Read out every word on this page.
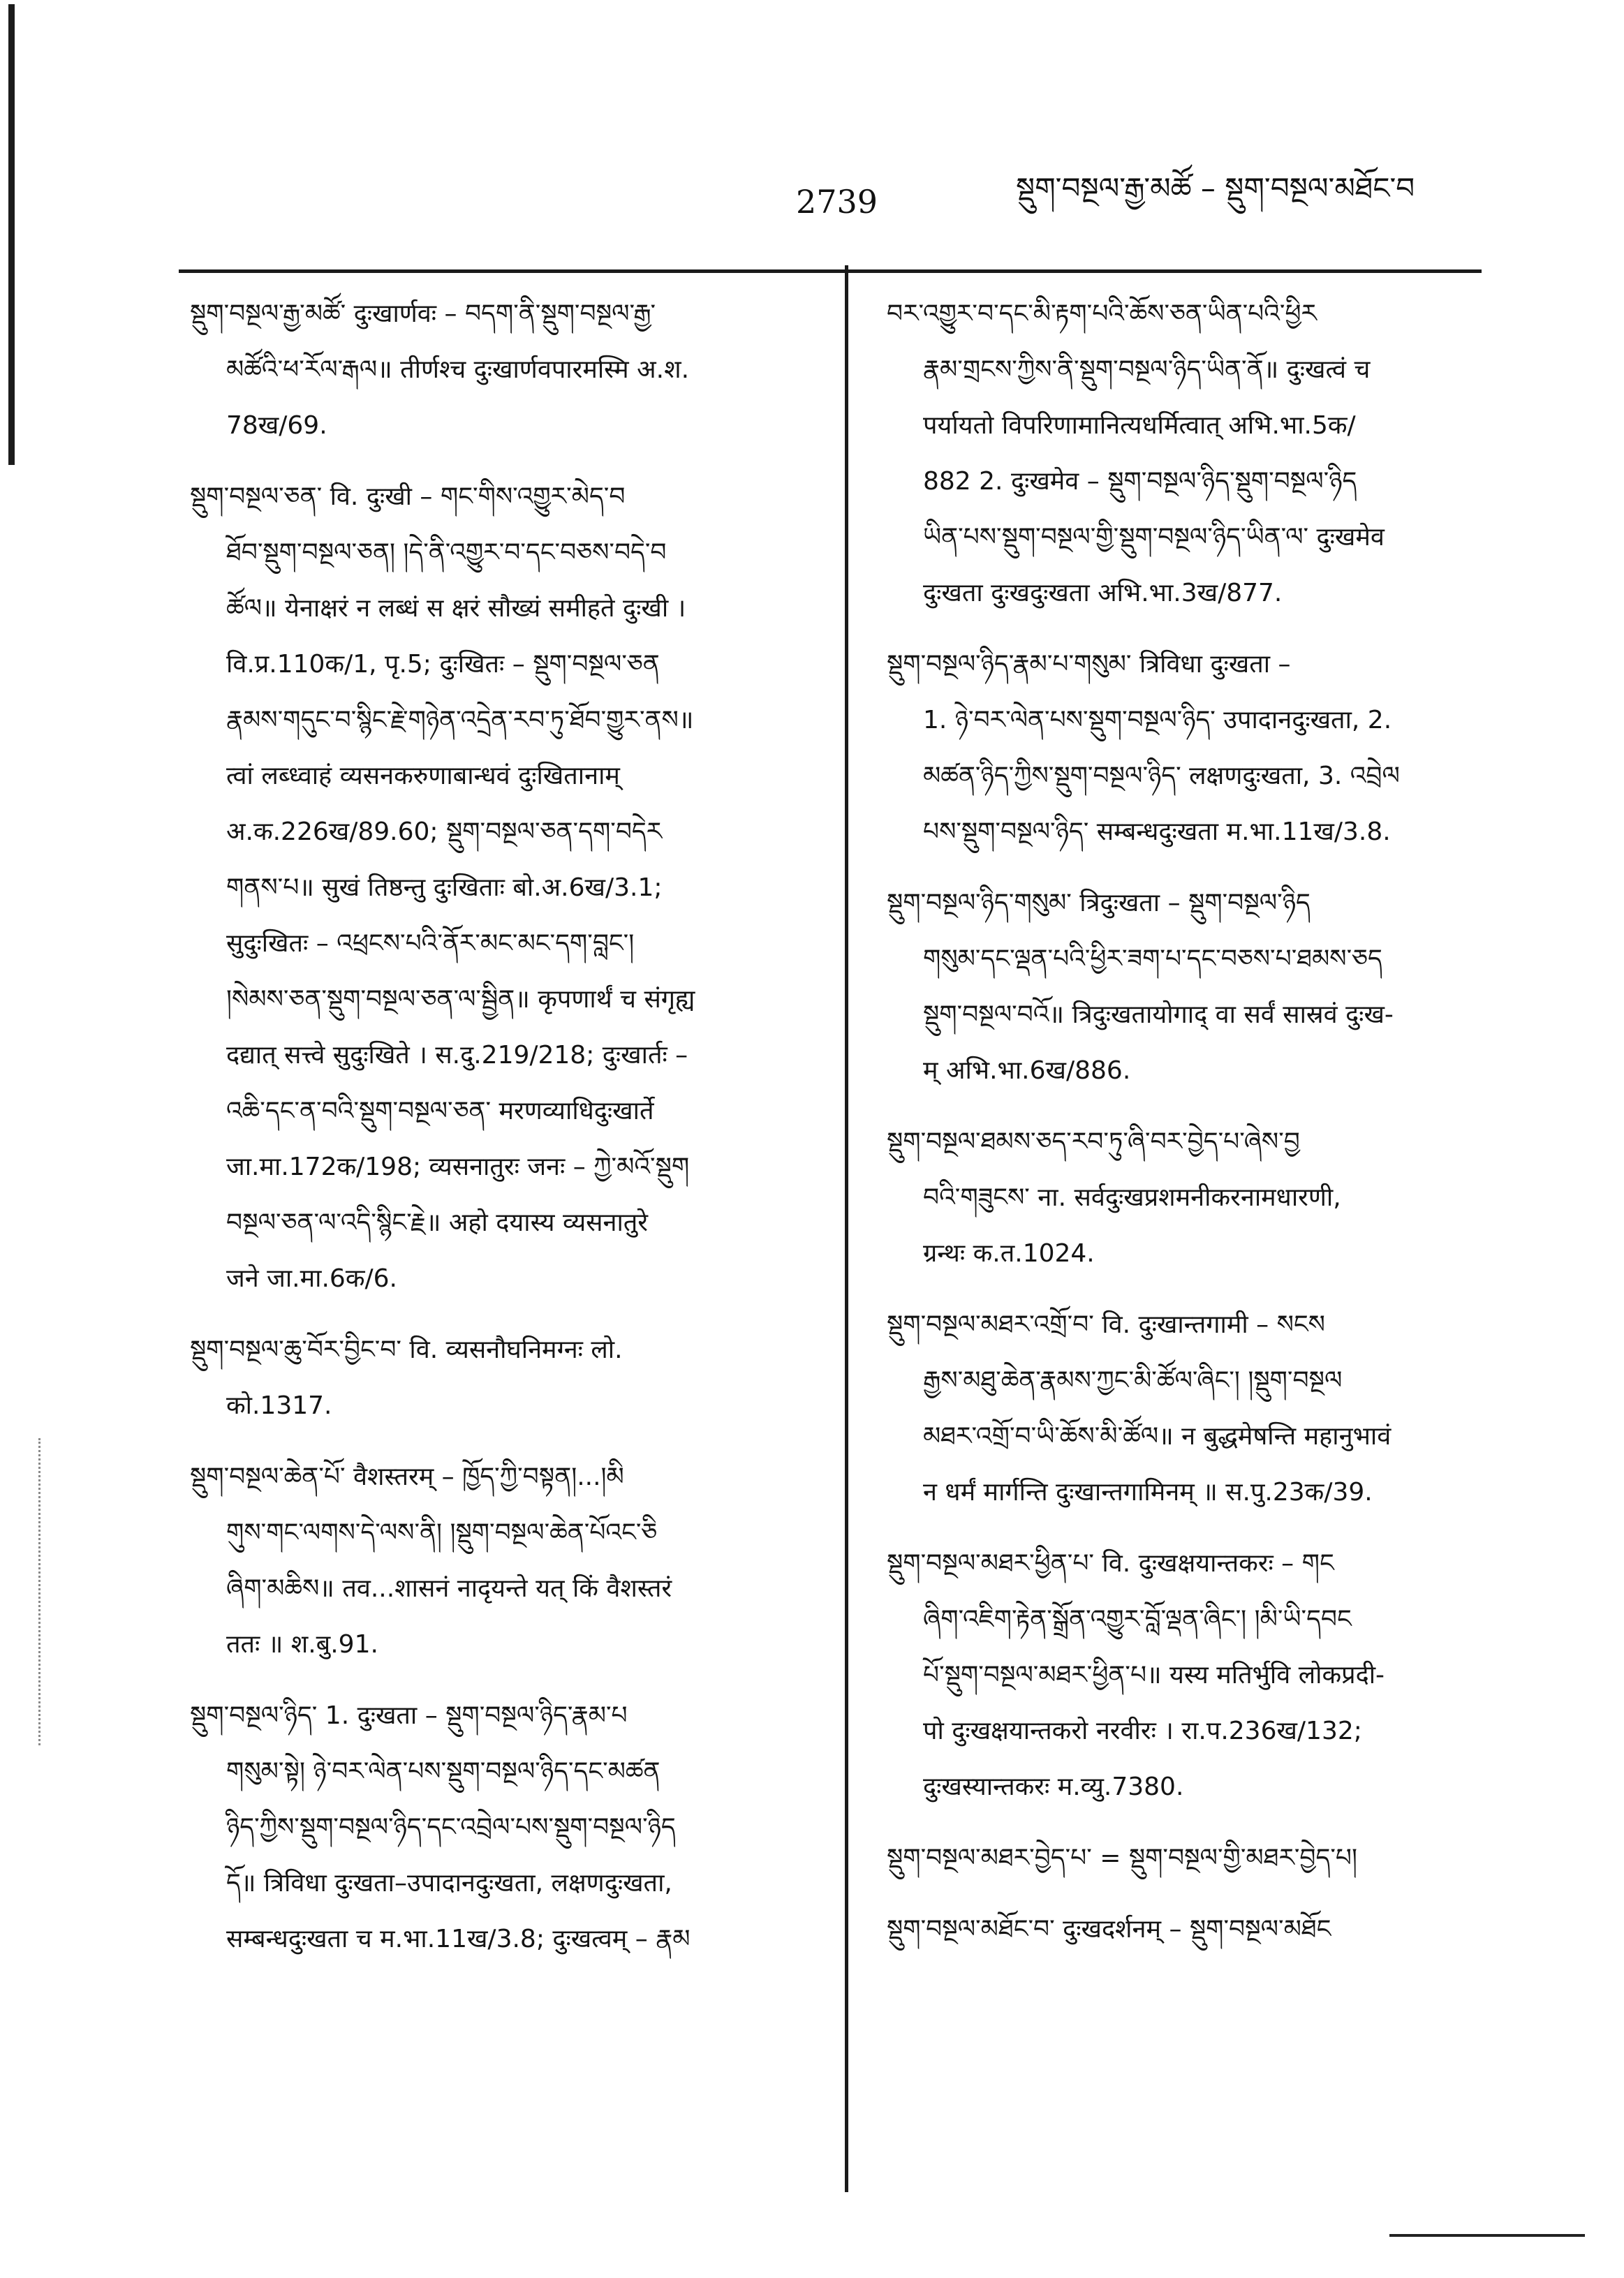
2739	སྡུག་བསྔལ་རྒྱ་མཚོ – སྡུག་བསྔལ་མཐོང་བ
སྡུག་བསྔལ་རྒྱ་མཚོ་ दुःखार्णवः – བདག་ནི་སྡུག་བསྔལ་རྒྱ་
མཚོའི་ཕ་རོལ་རྒལ॥ तीर्णश्च दुःखार्णवपारमस्मि अ.श.
78ख/69.
སྡུག་བསྔལ་ཅན་ वि. दुःखी – གང་གིས་འགྱུར་མེད་བ
ཐོབ་སྡུག་བསྔལ་ཅན། །དེ་ནི་འགྱུར་བ་དང་བཅས་བདེ་བ
ཚོལ॥ येनाक्षरं न लब्धं स क्षरं सौख्यं समीहते दुःखी ।
वि.प्र.110क/1, पृ.5; दुःखितः – སྡུག་བསྔལ་ཅན
རྣམས་གདུང་བ་སྙིང་རྗེ་གཉེན་འདྲེན་རབ་ཏུ་ཐོབ་གྱུར་ནས॥
त्वां लब्ध्वाहं व्यसनकरुणाबान्धवं दुःखितानाम्
अ.क.226ख/89.60; སྡུག་བསྔལ་ཅན་དག་བདེར
གནས་པ॥ सुखं तिष्ठन्तु दुःखिताः बो.अ.6ख/3.1;
सुदुःखितः – འཕྲངས་པའི་ནོར་མང་མང་དག་བླང་།
།སེམས་ཅན་སྡུག་བསྔལ་ཅན་ལ་སྦྱིན॥ कृपणार्थं च संगृह्य
दद्यात् सत्त्वे सुदुःखिते । स.दु.219/218; दुःखार्तः –
འཆི་དང་ན་བའི་སྡུག་བསྔལ་ཅན་ मरणव्याधिदुःखार्ते
जा.मा.172क/198; व्यसनातुरः जनः – ཀྱེ་མའོ་སྡུག
བསྔལ་ཅན་ལ་འདི་སྙིང་རྗེ॥ अहो दयास्य व्यसनातुरे
जने जा.मा.6क/6.
སྡུག་བསྔལ་ཆུ་བོར་བྱིང་བ་ वि. व्यसनौघनिमग्नः लो.
को.1317.
སྡུག་བསྔལ་ཆེན་པོ་ वैशस्तरम् – ཁྱོད་ཀྱི་བསྟན།...།མི
གུས་གང་ལགས་དེ་ལས་ནི། །སྡུག་བསྔལ་ཆེན་པོའང་ཅི
ཞིག་མཆིས॥ तव...शासनं नादृयन्ते यत् किं वैशस्तरं
ततः ॥ श.बु.91.
སྡུག་བསྔལ་ཉིད་ 1. दुःखता – སྡུག་བསྔལ་ཉིད་རྣམ་པ
གསུམ་སྟེ། ཉེ་བར་ལེན་པས་སྡུག་བསྔལ་ཉིད་དང་མཚན
ཉིད་ཀྱིས་སྡུག་བསྔལ་ཉིད་དང་འབྲེལ་པས་སྡུག་བསྔལ་ཉིད
དོ॥ त्रिविधा दुःखता–उपादानदुःखता, लक्षणदुःखता,
सम्बन्धदुःखता च म.भा.11ख/3.8; दुःखत्वम् – རྣམ
བར་འགྱུར་བ་དང་མི་རྟག་པའི་ཆོས་ཅན་ཡིན་པའི་ཕྱིར
རྣམ་གྲངས་ཀྱིས་ནི་སྡུག་བསྔལ་ཉིད་ཡིན་ནོ॥ दुःखत्वं च
पर्यायतो विपरिणामानित्यधर्मित्वात् अभि.भा.5क/
882 2. दुःखमेव – སྡུག་བསྔལ་ཉིད་སྡུག་བསྔལ་ཉིད
ཡིན་པས་སྡུག་བསྔལ་གྱི་སྡུག་བསྔལ་ཉིད་ཡིན་ལ་ दुःखमेव
दुःखता दुःखदुःखता अभि.भा.3ख/877.
སྡུག་བསྔལ་ཉིད་རྣམ་པ་གསུམ་ त्रिविधा दुःखता –
1. ཉེ་བར་ལེན་པས་སྡུག་བསྔལ་ཉིད་ उपादानदुःखता, 2.
མཚན་ཉིད་ཀྱིས་སྡུག་བསྔལ་ཉིད་ लक्षणदुःखता, 3. འབྲེལ
པས་སྡུག་བསྔལ་ཉིད་ सम्बन्धदुःखता म.भा.11ख/3.8.
སྡུག་བསྔལ་ཉིད་གསུམ་ त्रिदुःखता – སྡུག་བསྔལ་ཉིད
གསུམ་དང་ལྡན་པའི་ཕྱིར་ཟག་པ་དང་བཅས་པ་ཐམས་ཅད
སྡུག་བསྔལ་བའོ॥ त्रिदुःखतायोगाद् वा सर्वं सास्रवं दुःख-
म् अभि.भा.6ख/886.
སྡུག་བསྔལ་ཐམས་ཅད་རབ་ཏུ་ཞི་བར་བྱེད་པ་ཞེས་བྱ
བའི་གཟུངས་ ना. सर्वदुःखप्रशमनीकरनामधारणी,
ग्रन्थः क.त.1024.
སྡུག་བསྔལ་མཐར་འགྲོ་བ་ वि. दुःखान्तगामी – སངས
རྒྱས་མཐུ་ཆེན་རྣམས་ཀྱང་མི་ཚོལ་ཞིང་། །སྡུག་བསྔལ
མཐར་འགྲོ་བ་ཡི་ཆོས་མི་ཚོལ॥ न बुद्धमेषन्ति महानुभावं
न धर्मं मार्गन्ति दुःखान्तगामिनम् ॥ स.पु.23क/39.
སྡུག་བསྔལ་མཐར་ཕྱིན་པ་ वि. दुःखक्षयान्तकरः – གང
ཞིག་འཇིག་རྟེན་སྒྲོན་འགྱུར་བློ་ལྡན་ཞིང་། །མི་ཡི་དབང
པོ་སྡུག་བསྔལ་མཐར་ཕྱིན་པ॥ यस्य मतिर्भुवि लोकप्रदी-
पो दुःखक्षयान्तकरो नरवीरः । रा.प.236ख/132;
दुःखस्यान्तकरः म.व्यु.7380.
སྡུག་བསྔལ་མཐར་བྱེད་པ་ = སྡུག་བསྔལ་གྱི་མཐར་བྱེད་པ།
སྡུག་བསྔལ་མཐོང་བ་ दुःखदर्शनम् – སྡུག་བསྔལ་མཐོང
